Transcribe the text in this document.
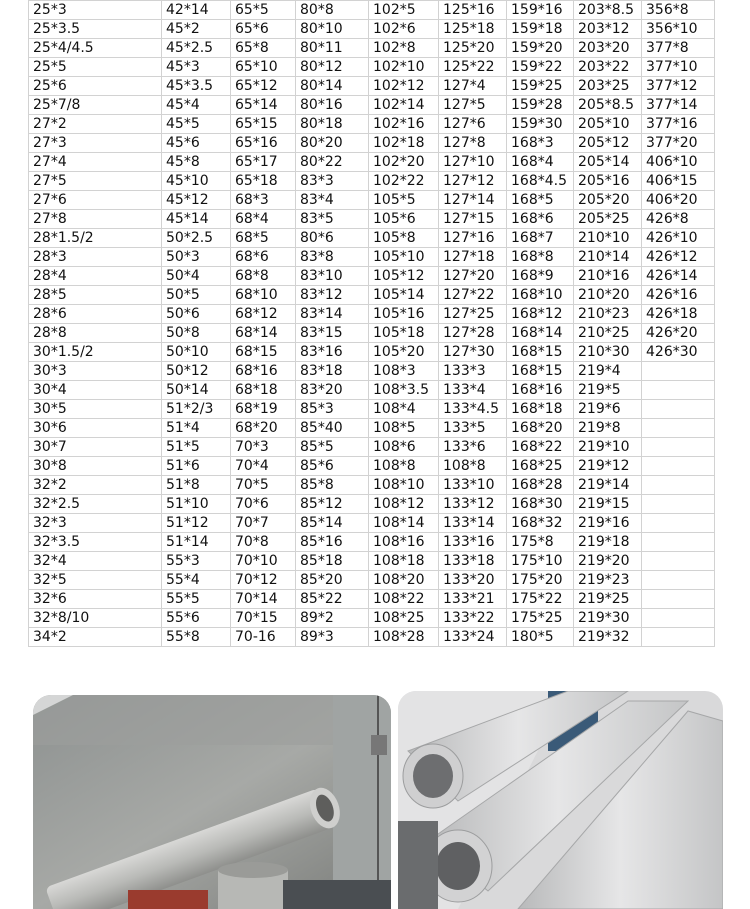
25*3	42*14	65*5	80*8	102*5	125*16	159*16	203*8.5	356*8
25*3.5	45*2	65*6	80*10	102*6	125*18	159*18	203*12	356*10
25*4/4.5	45*2.5	65*8	80*11	102*8	125*20	159*20	203*20	377*8
25*5	45*3	65*10	80*12	102*10	125*22	159*22	203*22	377*10
25*6	45*3.5	65*12	80*14	102*12	127*4	159*25	203*25	377*12
25*7/8	45*4	65*14	80*16	102*14	127*5	159*28	205*8.5	377*14
27*2	45*5	65*15	80*18	102*16	127*6	159*30	205*10	377*16
27*3	45*6	65*16	80*20	102*18	127*8	168*3	205*12	377*20
27*4	45*8	65*17	80*22	102*20	127*10	168*4	205*14	406*10
27*5	45*10	65*18	83*3	102*22	127*12	168*4.5	205*16	406*15
27*6	45*12	68*3	83*4	105*5	127*14	168*5	205*20	406*20
27*8	45*14	68*4	83*5	105*6	127*15	168*6	205*25	426*8
28*1.5/2	50*2.5	68*5	80*6	105*8	127*16	168*7	210*10	426*10
28*3	50*3	68*6	83*8	105*10	127*18	168*8	210*14	426*12
28*4	50*4	68*8	83*10	105*12	127*20	168*9	210*16	426*14
28*5	50*5	68*10	83*12	105*14	127*22	168*10	210*20	426*16
28*6	50*6	68*12	83*14	105*16	127*25	168*12	210*23	426*18
28*8	50*8	68*14	83*15	105*18	127*28	168*14	210*25	426*20
30*1.5/2	50*10	68*15	83*16	105*20	127*30	168*15	210*30	426*30
30*3	50*12	68*16	83*18	108*3	133*3	168*15	219*4	
30*4	50*14	68*18	83*20	108*3.5	133*4	168*16	219*5	
30*5	51*2/3	68*19	85*3	108*4	133*4.5	168*18	219*6	
30*6	51*4	68*20	85*40	108*5	133*5	168*20	219*8	
30*7	51*5	70*3	85*5	108*6	133*6	168*22	219*10	
30*8	51*6	70*4	85*6	108*8	108*8	168*25	219*12	
32*2	51*8	70*5	85*8	108*10	133*10	168*28	219*14	
32*2.5	51*10	70*6	85*12	108*12	133*12	168*30	219*15	
32*3	51*12	70*7	85*14	108*14	133*14	168*32	219*16	
32*3.5	51*14	70*8	85*16	108*16	133*16	175*8	219*18	
32*4	55*3	70*10	85*18	108*18	133*18	175*10	219*20	
32*5	55*4	70*12	85*20	108*20	133*20	175*20	219*23	
32*6	55*5	70*14	85*22	108*22	133*21	175*22	219*25	
32*8/10	55*6	70*15	89*2	108*25	133*22	175*25	219*30	
34*2	55*8	70-16	89*3	108*28	133*24	180*5	219*32	
